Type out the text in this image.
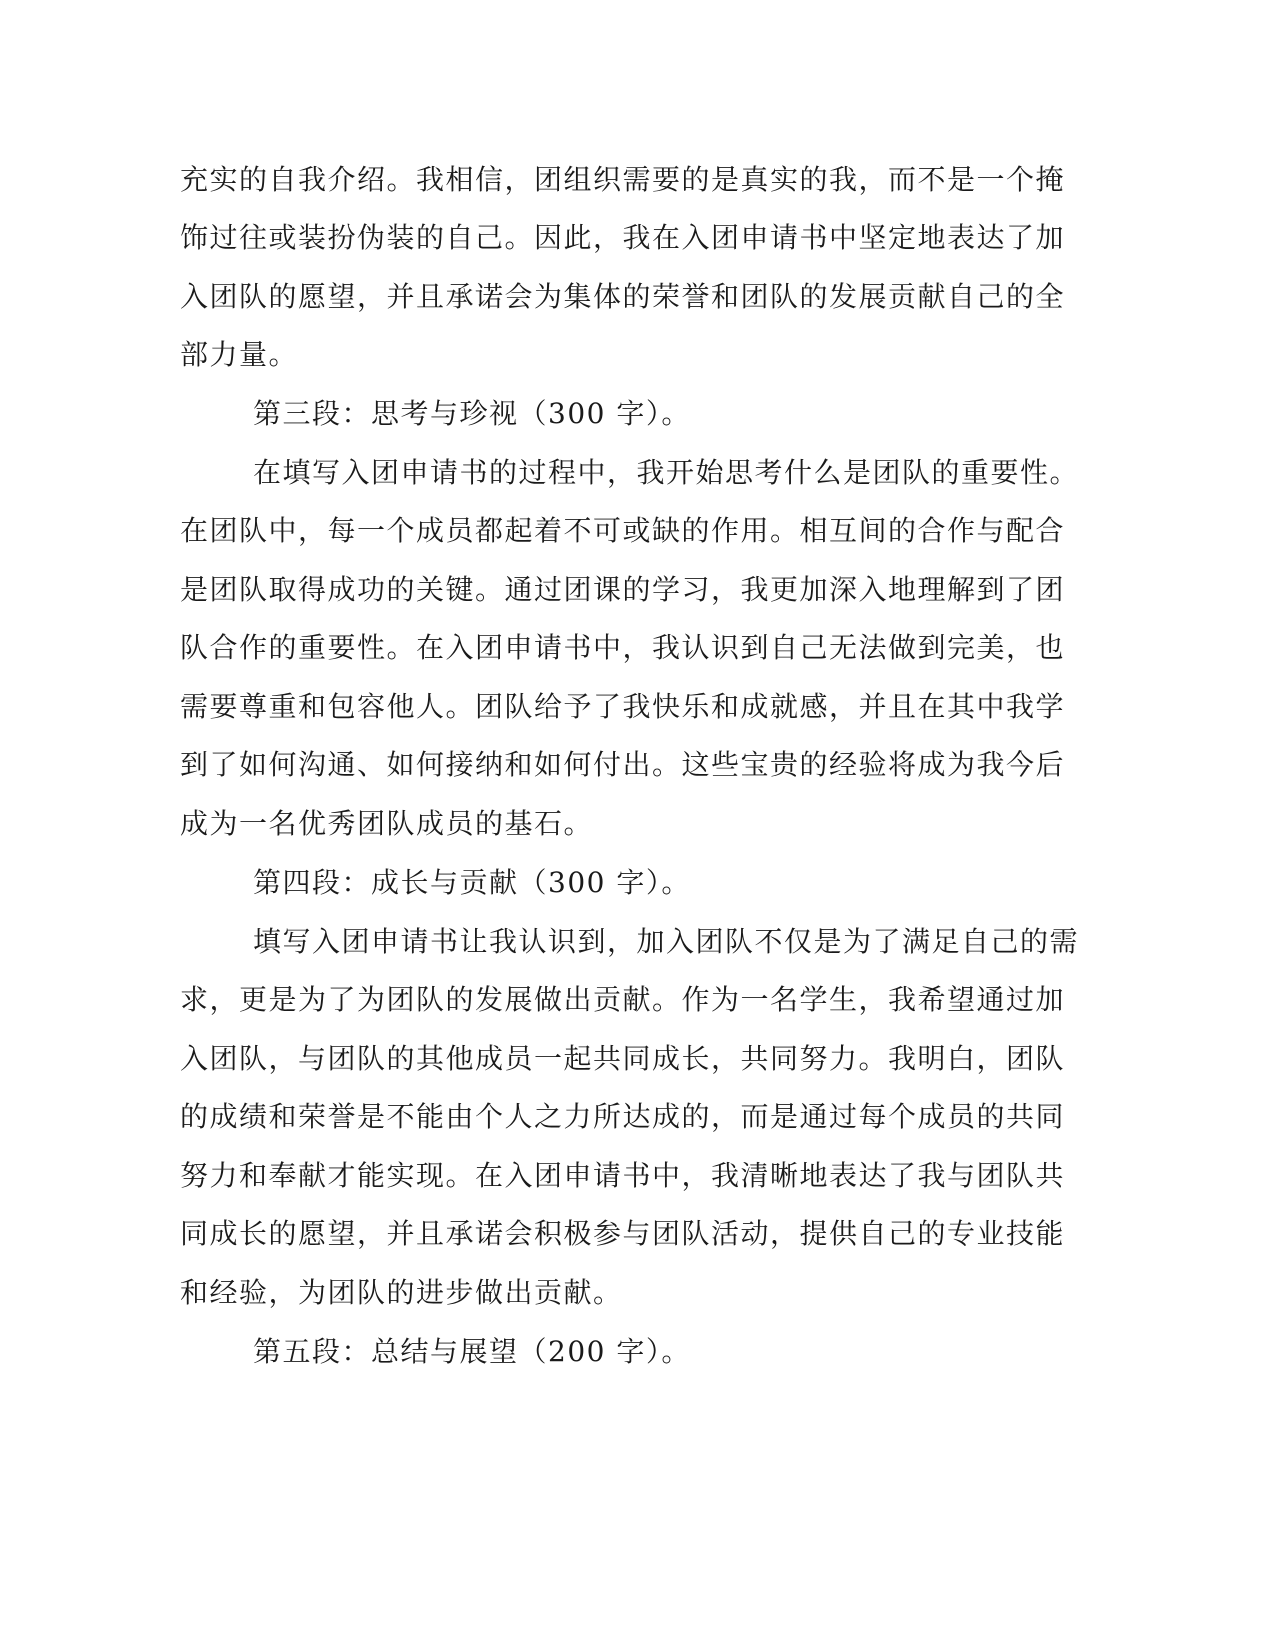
充实的自我介绍。我相信，团组织需要的是真实的我，而不是一个掩
饰过往或装扮伪装的自己。因此，我在入团申请书中坚定地表达了加
入团队的愿望，并且承诺会为集体的荣誉和团队的发展贡献自己的全
部力量。
第三段：思考与珍视（300 字）。
在填写入团申请书的过程中，我开始思考什么是团队的重要性。
在团队中，每一个成员都起着不可或缺的作用。相互间的合作与配合
是团队取得成功的关键。通过团课的学习，我更加深入地理解到了团
队合作的重要性。在入团申请书中，我认识到自己无法做到完美，也
需要尊重和包容他人。团队给予了我快乐和成就感，并且在其中我学
到了如何沟通、如何接纳和如何付出。这些宝贵的经验将成为我今后
成为一名优秀团队成员的基石。
第四段：成长与贡献（300 字）。
填写入团申请书让我认识到，加入团队不仅是为了满足自己的需
求，更是为了为团队的发展做出贡献。作为一名学生，我希望通过加
入团队，与团队的其他成员一起共同成长，共同努力。我明白，团队
的成绩和荣誉是不能由个人之力所达成的，而是通过每个成员的共同
努力和奉献才能实现。在入团申请书中，我清晰地表达了我与团队共
同成长的愿望，并且承诺会积极参与团队活动，提供自己的专业技能
和经验，为团队的进步做出贡献。
第五段：总结与展望（200 字）。
